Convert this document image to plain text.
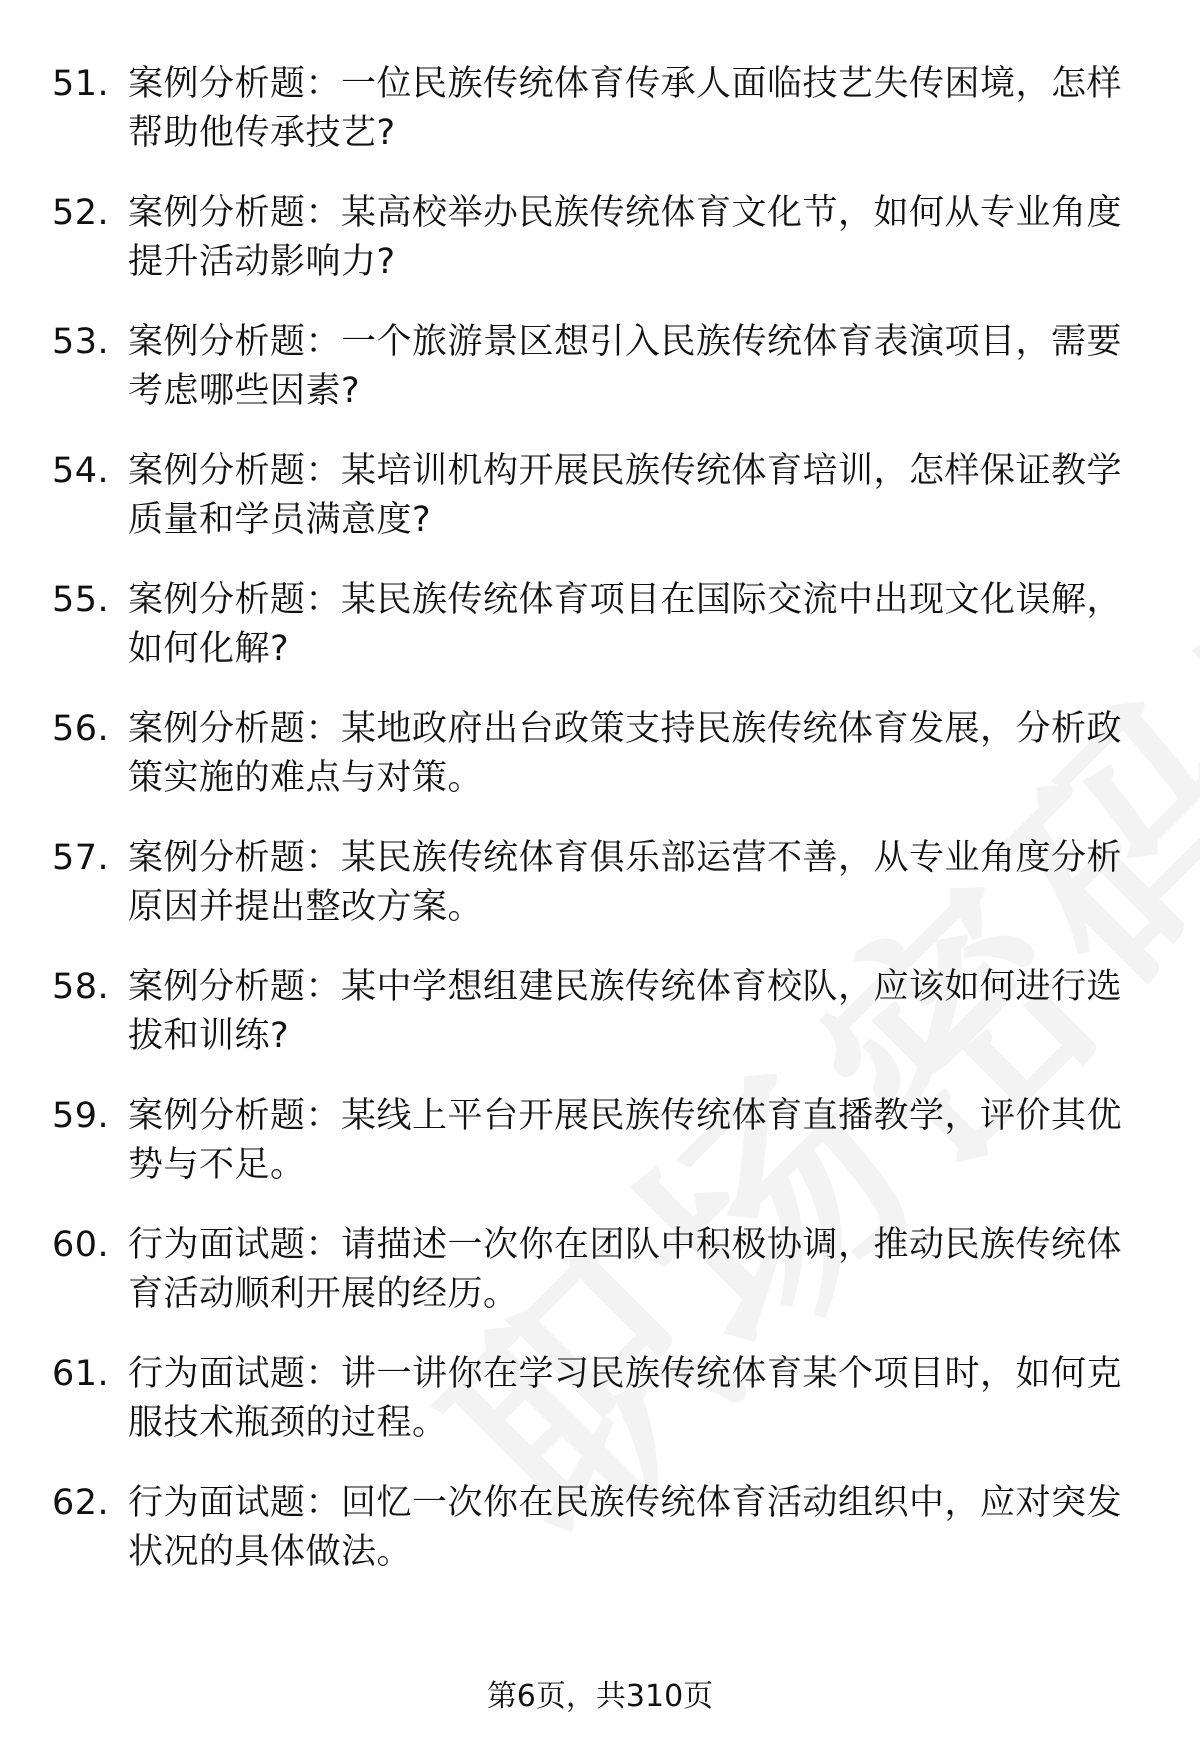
51. 案例分析题：一位民族传统体育传承人面临技艺失传困境，怎样帮助他传承技艺?
52. 案例分析题：某高校举办民族传统体育文化节，如何从专业角度提升活动影响力?
53. 案例分析题：一个旅游景区想引入民族传统体育表演项目，需要考虑哪些因素?
54. 案例分析题：某培训机构开展民族传统体育培训，怎样保证教学质量和学员满意度?
55. 案例分析题：某民族传统体育项目在国际交流中出现文化误解，如何化解?
56. 案例分析题：某地政府出台政策支持民族传统体育发展，分析政策实施的难点与对策。
57. 案例分析题：某民族传统体育俱乐部运营不善，从专业角度分析原因并提出整改方案。
58. 案例分析题：某中学想组建民族传统体育校队，应该如何进行选拔和训练?
59. 案例分析题：某线上平台开展民族传统体育直播教学，评价其优势与不足。
60. 行为面试题：请描述一次你在团队中积极协调，推动民族传统体育活动顺利开展的经历。
61. 行为面试题：讲一讲你在学习民族传统体育某个项目时，如何克服技术瓶颈的过程。
62. 行为面试题：回忆一次你在民族传统体育活动组织中，应对突发状况的具体做法。
第6页，共310页
